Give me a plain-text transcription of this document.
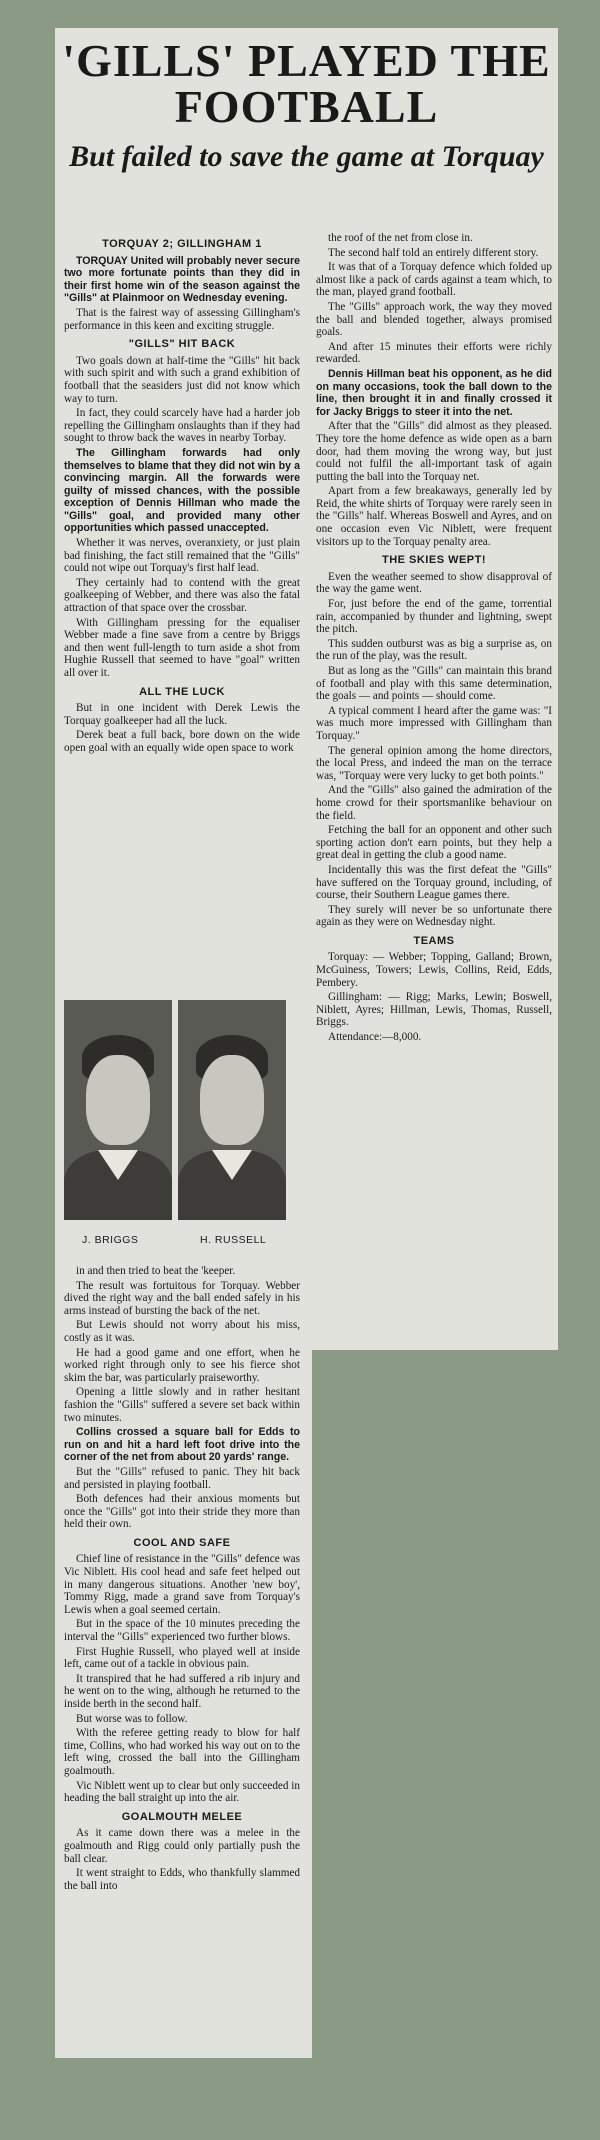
'GILLS' PLAYED THE FOOTBALL
But failed to save the game at Torquay
TORQUAY 2; GILLINGHAM 1

TORQUAY United will probably never secure two more fortunate points than they did in their first home win of the season against the "Gills" at Plainmoor on Wednesday evening.

That is the fairest way of assessing Gillingham's performance in this keen and exciting struggle.

"GILLS" HIT BACK

Two goals down at half-time the "Gills" hit back with such spirit and with such a grand exhibition of football that the seasiders just did not know which way to turn.

In fact, they could scarcely have had a harder job repelling the Gillingham onslaughts than if they had sought to throw back the waves in nearby Torbay.

The Gillingham forwards had only themselves to blame that they did not win by a convincing margin. All the forwards were guilty of missed chances, with the possible exception of Dennis Hillman who made the "Gills" goal, and provided many other opportunities which passed unaccepted.

Whether it was nerves, overanxiety, or just plain bad finishing, the fact still remained that the "Gills" could not wipe out Torquay's first half lead.

They certainly had to contend with the great goalkeeping of Webber, and there was also the fatal attraction of that space over the crossbar.

With Gillingham pressing for the equaliser Webber made a fine save from a centre by Briggs and then went full-length to turn aside a shot from Hughie Russell that seemed to have "goal" written all over it.

ALL THE LUCK

But in one incident with Derek Lewis the Torquay goalkeeper had all the luck.

Derek beat a full back, bore down on the wide open goal with an equally wide open space to work

the roof of the net from close in.

The second half told an entirely different story.

It was that of a Torquay defence which folded up almost like a pack of cards against a team which, to the man, played grand football.

The "Gills" approach work, the way they moved the ball and blended together, always promised goals.

And after 15 minutes their efforts were richly rewarded.

Dennis Hillman beat his opponent, as he did on many occasions, took the ball down to the line, then brought it in and finally crossed it for Jacky Briggs to steer it into the net.

After that the "Gills" did almost as they pleased. They tore the home defence as wide open as a barn door, had them moving the wrong way, but just could not fulfil the all-important task of again putting the ball into the Torquay net.

Apart from a few breakaways, generally led by Reid, the white shirts of Torquay were rarely seen in the "Gills" half. Whereas Boswell and Ayres, and on one occasion even Vic Niblett, were frequent visitors up to the Torquay penalty area.

THE SKIES WEPT!

Even the weather seemed to show disapproval of the way the game went.

For, just before the end of the game, torrential rain, accompanied by thunder and lightning, swept the pitch.

This sudden outburst was as big a surprise as, on the run of the play, was the result.

But as long as the "Gills" can maintain this brand of football and play with this same determination, the goals — and points — should come.

A typical comment I heard after the game was: "I was much more impressed with Gillingham than Torquay."

The general opinion among the home directors, the local Press, and indeed the man on the terrace was, "Torquay were very lucky to get both points."

And the "Gills" also gained the admiration of the home crowd for their sportsmanlike behaviour on the field.

Fetching the ball for an opponent and other such sporting action don't earn points, but they help a great deal in getting the club a good name.

Incidentally this was the first defeat the "Gills" have suffered on the Torquay ground, including, of course, their Southern League games there.

They surely will never be so unfortunate there again as they were on Wednesday night.

TEAMS

Torquay: — Webber; Topping, Galland; Brown, McGuiness, Towers; Lewis, Collins, Reid, Edds, Pembery.

Gillingham: — Rigg; Marks, Lewin; Boswell, Niblett, Ayres; Hillman, Lewis, Thomas, Russell, Briggs.

Attendance:—8,000.

in and then tried to beat the 'keeper.

The result was fortuitous for Torquay. Webber dived the right way and the ball ended safely in his arms instead of bursting the back of the net.

But Lewis should not worry about his miss, costly as it was.

He had a good game and one effort, when he worked right through only to see his fierce shot skim the bar, was particularly praiseworthy.

Opening a little slowly and in rather hesitant fashion the "Gills" suffered a severe set back within two minutes.

Collins crossed a square ball for Edds to run on and hit a hard left foot drive into the corner of the net from about 20 yards' range.

But the "Gills" refused to panic. They hit back and persisted in playing football.

Both defences had their anxious moments but once the "Gills" got into their stride they more than held their own.

COOL AND SAFE

Chief line of resistance in the "Gills" defence was Vic Niblett. His cool head and safe feet helped out in many dangerous situations. Another 'new boy', Tommy Rigg, made a grand save from Torquay's Lewis when a goal seemed certain.

But in the space of the 10 minutes preceding the interval the "Gills" experienced two further blows.

First Hughie Russell, who played well at inside left, came out of a tackle in obvious pain.

It transpired that he had suffered a rib injury and he went on to the wing, although he returned to the inside berth in the second half.

But worse was to follow.

With the referee getting ready to blow for half time, Collins, who had worked his way out on to the left wing, crossed the ball into the Gillingham goalmouth.

Vic Niblett went up to clear but only succeeded in heading the ball straight up into the air.

GOALMOUTH MELEE

As it came down there was a melee in the goalmouth and Rigg could only partially push the ball clear.

It went straight to Edds, who thankfully slammed the ball into

J. BRIGGS	H. RUSSELL
